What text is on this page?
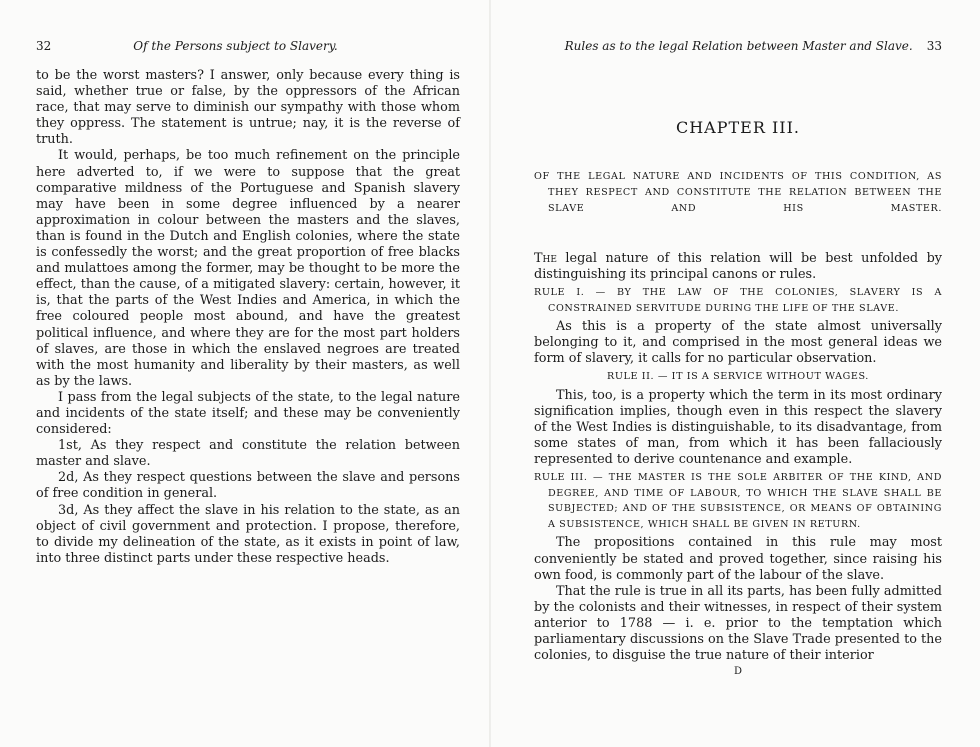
32	Of the Persons subject to Slavery.

to be the worst masters? I answer, only because every thing is said, whether true or false, by the oppressors of the African race, that may serve to diminish our sympathy with those whom they oppress. The statement is untrue; nay, it is the reverse of truth.

It would, perhaps, be too much refinement on the principle here adverted to, if we were to suppose that the great comparative mildness of the Portuguese and Spanish slavery may have been in some degree influenced by a nearer approximation in colour between the masters and the slaves, than is found in the Dutch and English colonies, where the state is confessedly the worst; and the great proportion of free blacks and mulattoes among the former, may be thought to be more the effect, than the cause, of a mitigated slavery: certain, however, it is, that the parts of the West Indies and America, in which the free coloured people most abound, and have the greatest political influence, and where they are for the most part holders of slaves, are those in which the enslaved negroes are treated with the most humanity and liberality by their masters, as well as by the laws.

I pass from the legal subjects of the state, to the legal nature and incidents of the state itself; and these may be conveniently considered:

1st, As they respect and constitute the relation between master and slave.

2d, As they respect questions between the slave and persons of free condition in general.

3d, As they affect the slave in his relation to the state, as an object of civil government and protection. I propose, therefore, to divide my delineation of the state, as it exists in point of law, into three distinct parts under these respective heads.

Rules as to the legal Relation between Master and Slave.	33
CHAPTER III.
OF THE LEGAL NATURE AND INCIDENTS OF THIS CONDITION, AS THEY RESPECT AND CONSTITUTE THE RELATION BETWEEN THE SLAVE AND HIS MASTER.

The legal nature of this relation will be best unfolded by distinguishing its principal canons or rules.

RULE I. — BY THE LAW OF THE COLONIES, SLAVERY IS A CONSTRAINED SERVITUDE DURING THE LIFE OF THE SLAVE.

As this is a property of the state almost universally belonging to it, and comprised in the most general ideas we form of slavery, it calls for no particular observation.

RULE II. — IT IS A SERVICE WITHOUT WAGES.

This, too, is a property which the term in its most ordinary signification implies, though even in this respect the slavery of the West Indies is distinguishable, to its disadvantage, from some states of man, from which it has been fallaciously represented to derive countenance and example.

RULE III. — THE MASTER IS THE SOLE ARBITER OF THE KIND, AND DEGREE, AND TIME OF LABOUR, TO WHICH THE SLAVE SHALL BE SUBJECTED; AND OF THE SUBSISTENCE, OR MEANS OF OBTAINING A SUBSISTENCE, WHICH SHALL BE GIVEN IN RETURN.

The propositions contained in this rule may most conveniently be stated and proved together, since raising his own food, is commonly part of the labour of the slave.

That the rule is true in all its parts, has been fully admitted by the colonists and their witnesses, in respect of their system anterior to 1788 — i. e. prior to the temptation which parliamentary discussions on the Slave Trade presented to the colonies, to disguise the true nature of their interior

D
